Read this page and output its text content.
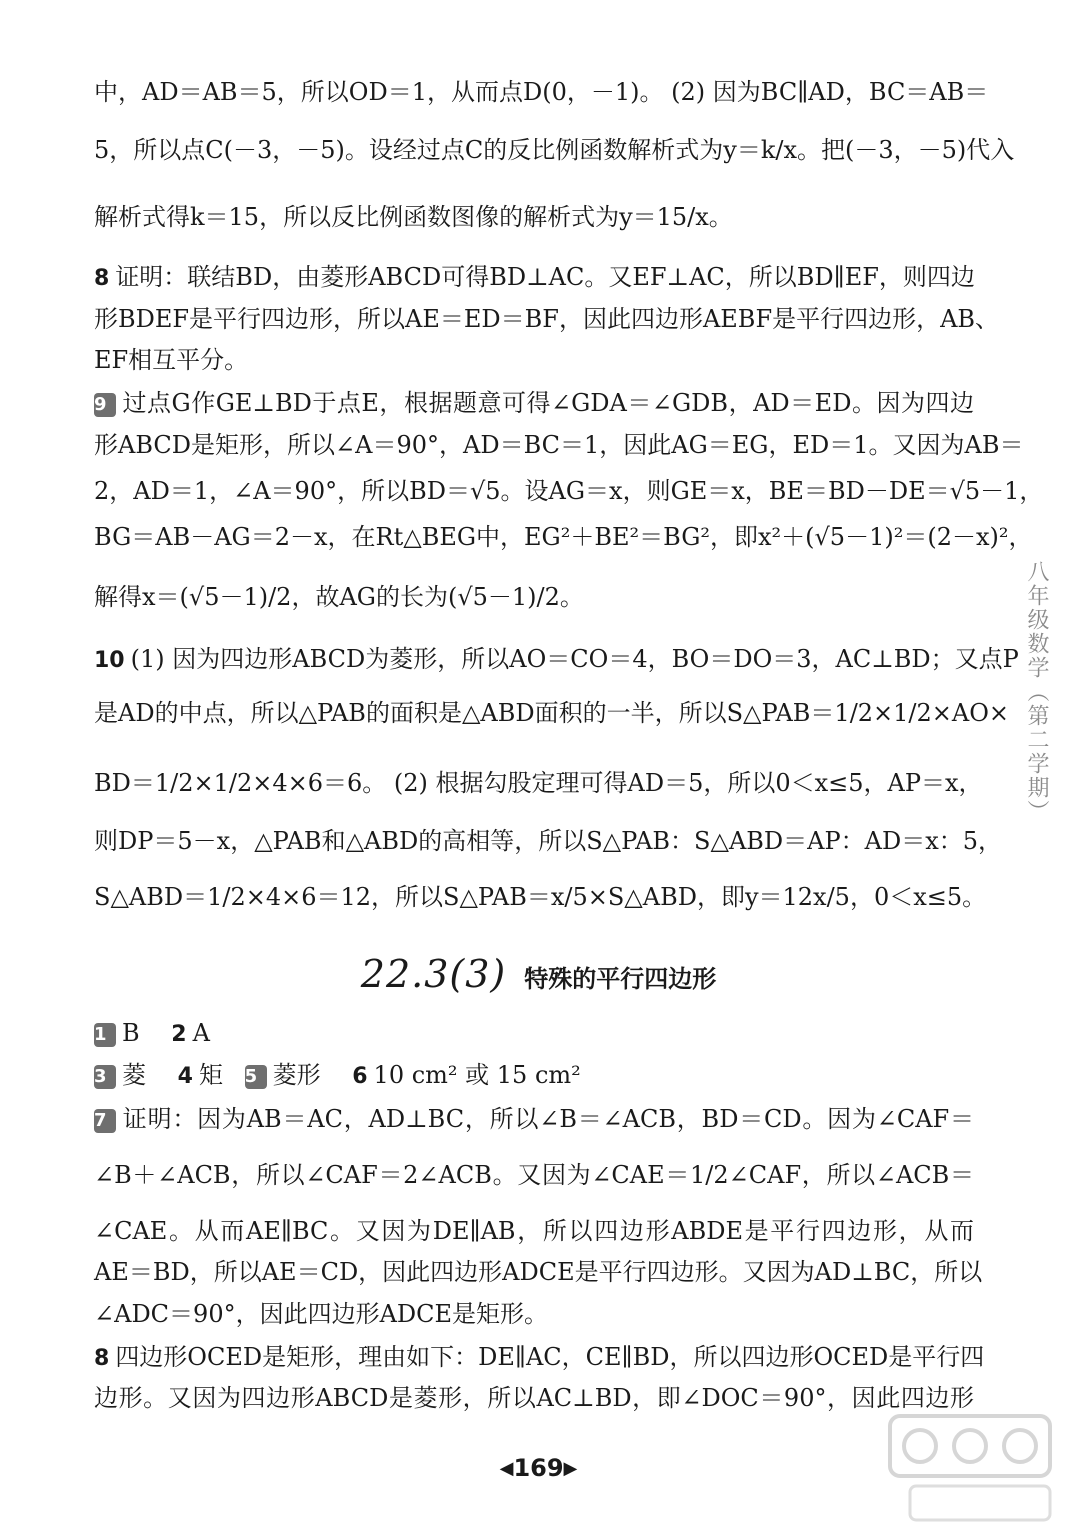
中，AD＝AB＝5，所以OD＝1，从而点D(0，－1)。 (2) 因为BC∥AD，BC＝AB＝
5，所以点C(－3，－5)。设经过点C的反比例函数解析式为y＝k/x。把(－3，－5)代入
解析式得k＝15，所以反比例函数图像的解析式为y＝15/x。
8 证明：联结BD，由菱形ABCD可得BD⊥AC。又EF⊥AC，所以BD∥EF，则四边
形BDEF是平行四边形，所以AE＝ED＝BF，因此四边形AEBF是平行四边形，AB、
EF相互平分。
9 过点G作GE⊥BD于点E，根据题意可得∠GDA＝∠GDB，AD＝ED。因为四边
形ABCD是矩形，所以∠A＝90°，AD＝BC＝1，因此AG＝EG，ED＝1。又因为AB＝
2，AD＝1，∠A＝90°，所以BD＝√5。设AG＝x，则GE＝x，BE＝BD－DE＝√5－1，
BG＝AB－AG＝2－x，在Rt△BEG中，EG²＋BE²＝BG²，即x²＋(√5－1)²＝(2－x)²，
解得x＝(√5－1)/2，故AG的长为(√5－1)/2。
10 (1) 因为四边形ABCD为菱形，所以AO＝CO＝4，BO＝DO＝3，AC⊥BD；又点P
是AD的中点，所以△PAB的面积是△ABD面积的一半，所以S△PAB＝1/2×1/2×AO×
BD＝1/2×1/2×4×6＝6。 (2) 根据勾股定理可得AD＝5，所以0＜x≤5，AP＝x，
则DP＝5－x，△PAB和△ABD的高相等，所以S△PAB：S△ABD＝AP：AD＝x：5，
S△ABD＝1/2×4×6＝12，所以S△PAB＝x/5×S△ABD，即y＝12x/5，0＜x≤5。
22.3(3) 特殊的平行四边形
1 B 2 A
3 菱 4 矩 5 菱形 6 10 cm² 或 15 cm²
7 证明：因为AB＝AC，AD⊥BC，所以∠B＝∠ACB，BD＝CD。因为∠CAF＝
∠B＋∠ACB，所以∠CAF＝2∠ACB。又因为∠CAE＝1/2∠CAF，所以∠ACB＝
∠CAE。从而AE∥BC。又因为DE∥AB，所以四边形ABDE是平行四边形，从而
AE＝BD，所以AE＝CD，因此四边形ADCE是平行四边形。又因为AD⊥BC，所以
∠ADC＝90°，因此四边形ADCE是矩形。
8 四边形OCED是矩形，理由如下：DE∥AC，CE∥BD，所以四边形OCED是平行四
边形。又因为四边形ABCD是菱形，所以AC⊥BD，即∠DOC＝90°，因此四边形
八年级数学（第二学期）
◀169▶
